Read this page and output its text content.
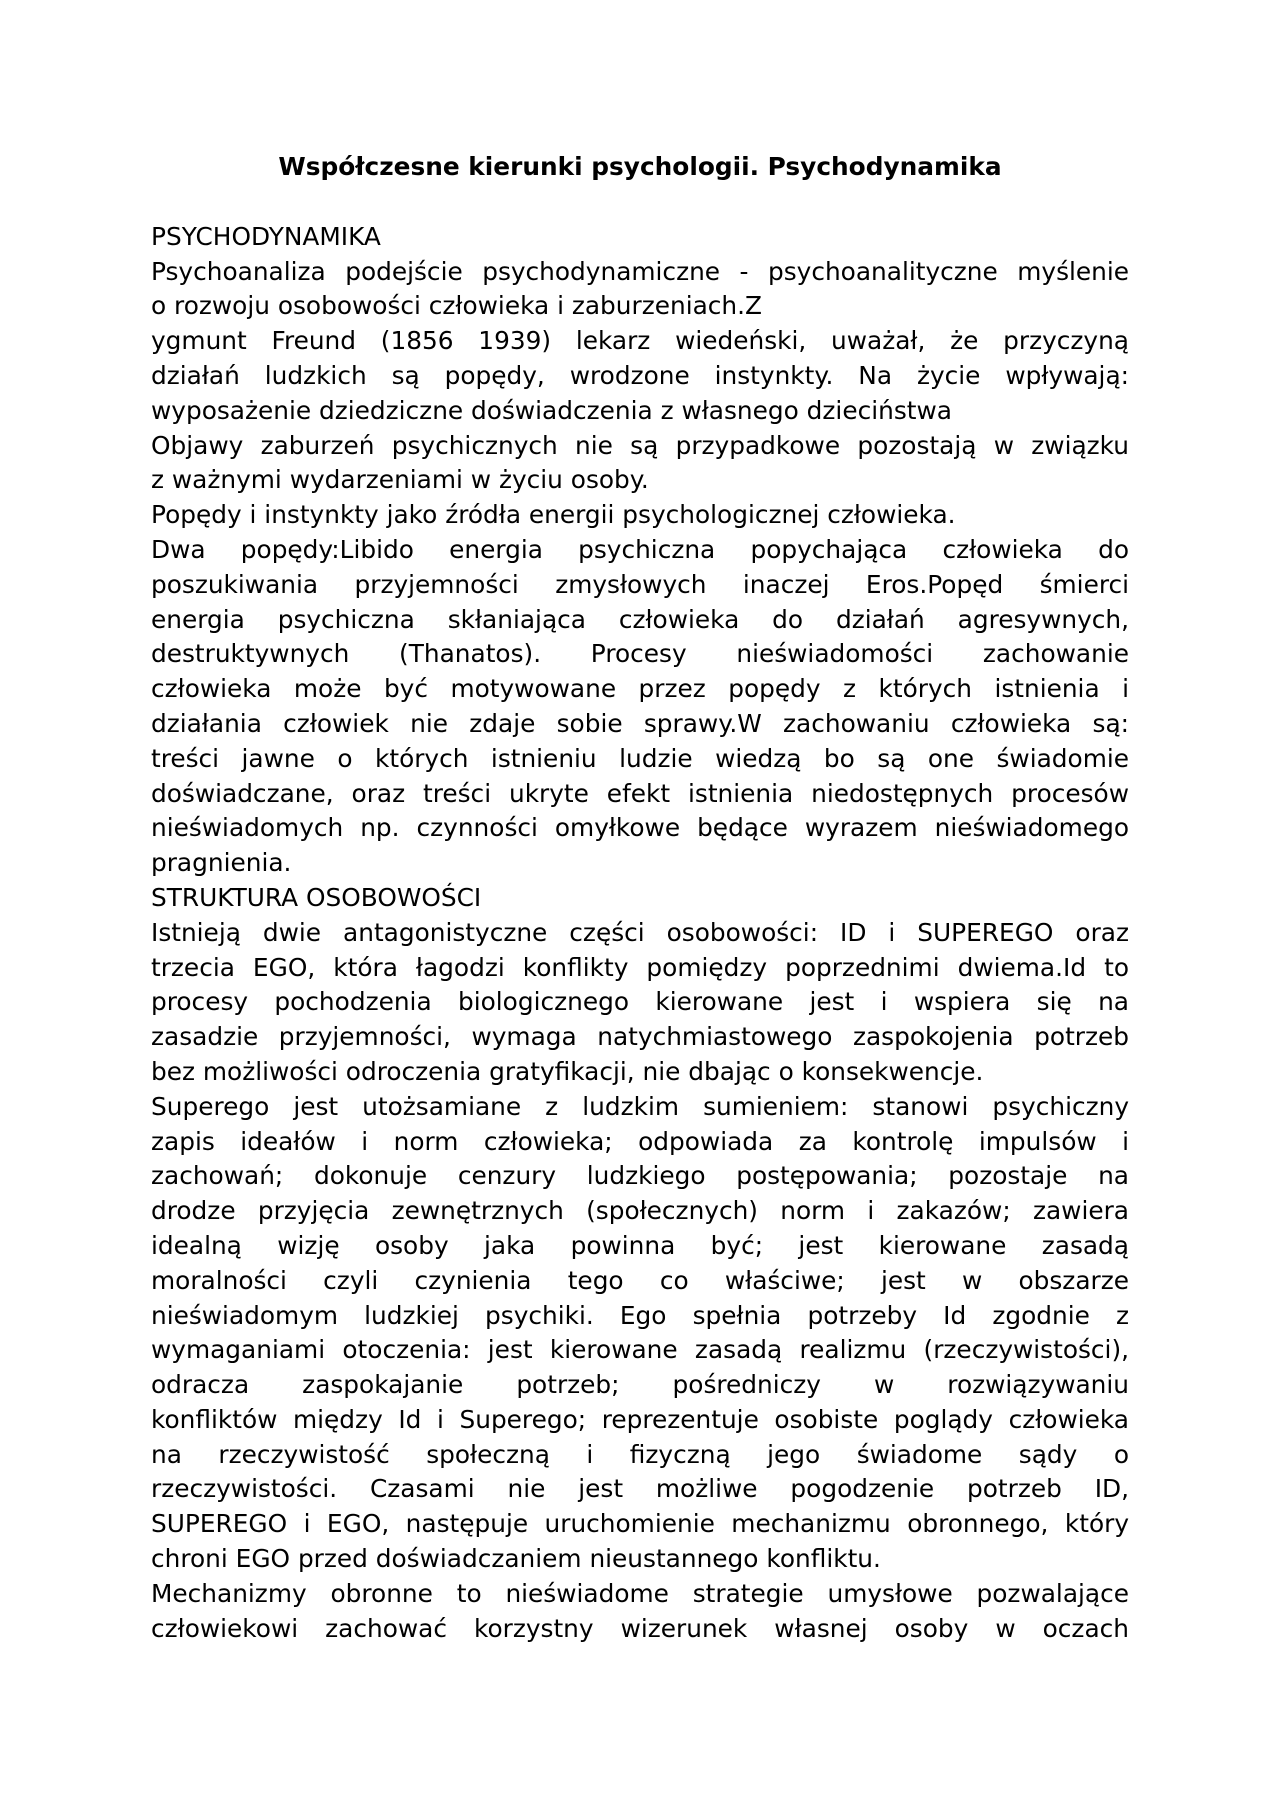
Współczesne kierunki psychologii. Psychodynamika

PSYCHODYNAMIKA

Psychoanaliza podejście psychodynamiczne - psychoanalityczne myślenie

o rozwoju osobowości człowieka i zaburzeniach.Z

ygmunt Freund (1856 1939) lekarz wiedeński, uważał, że przyczyną

działań ludzkich są popędy, wrodzone instynkty. Na życie wpływają:

wyposażenie dziedziczne doświadczenia z własnego dzieciństwa

Objawy zaburzeń psychicznych nie są przypadkowe pozostają w związku

z ważnymi wydarzeniami w życiu osoby.

Popędy i instynkty jako źródła energii psychologicznej człowieka.

Dwa popędy:Libido energia psychiczna popychająca człowieka do

poszukiwania przyjemności zmysłowych inaczej Eros.Popęd śmierci

energia psychiczna skłaniająca człowieka do działań agresywnych,

destruktywnych (Thanatos). Procesy nieświadomości zachowanie

człowieka może być motywowane przez popędy z których istnienia i

działania człowiek nie zdaje sobie sprawy.W zachowaniu człowieka są:

treści jawne o których istnieniu ludzie wiedzą bo są one świadomie

doświadczane, oraz treści ukryte efekt istnienia niedostępnych procesów

nieświadomych np. czynności omyłkowe będące wyrazem nieświadomego

pragnienia.

STRUKTURA OSOBOWOŚCI

Istnieją dwie antagonistyczne części osobowości: ID i SUPEREGO oraz

trzecia EGO, która łagodzi konflikty pomiędzy poprzednimi dwiema.Id to

procesy pochodzenia biologicznego kierowane jest i wspiera się na

zasadzie przyjemności, wymaga natychmiastowego zaspokojenia potrzeb

bez możliwości odroczenia gratyfikacji, nie dbając o konsekwencje.

Superego jest utożsamiane z ludzkim sumieniem: stanowi psychiczny

zapis ideałów i norm człowieka; odpowiada za kontrolę impulsów i

zachowań; dokonuje cenzury ludzkiego postępowania; pozostaje na

drodze przyjęcia zewnętrznych (społecznych) norm i zakazów; zawiera

idealną wizję osoby jaka powinna być; jest kierowane zasadą

moralności czyli czynienia tego co właściwe; jest w obszarze

nieświadomym ludzkiej psychiki. Ego spełnia potrzeby Id zgodnie z

wymaganiami otoczenia: jest kierowane zasadą realizmu (rzeczywistości),

odracza zaspokajanie potrzeb; pośredniczy w rozwiązywaniu

konfliktów między Id i Superego; reprezentuje osobiste poglądy człowieka

na rzeczywistość społeczną i fizyczną jego świadome sądy o

rzeczywistości. Czasami nie jest możliwe pogodzenie potrzeb ID,

SUPEREGO i EGO, następuje uruchomienie mechanizmu obronnego, który

chroni EGO przed doświadczaniem nieustannego konfliktu.

Mechanizmy obronne to nieświadome strategie umysłowe pozwalające

człowiekowi zachować korzystny wizerunek własnej osoby w oczach
